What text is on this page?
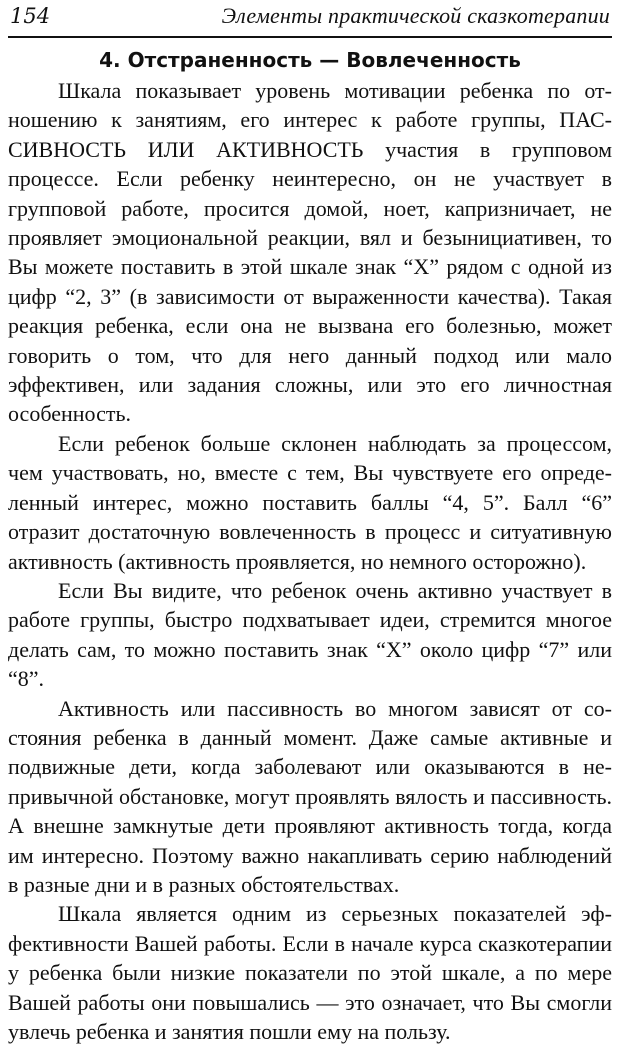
154	Элементы практической сказкотерапии
4. Отстраненность — Вовлеченность

Шкала показывает уровень мотивации ребенка по отношению к занятиям, его интерес к работе группы, ПАССИВНОСТЬ ИЛИ АКТИВНОСТЬ участия в групповом процессе. Если ребенку неинтересно, он не участвует в групповой работе, просится домой, ноет, капризничает, не проявляет эмоциональной реакции, вял и безынициативен, то Вы можете поставить в этой шкале знак “X” рядом с одной из цифр “2, 3” (в зависимости от выраженности качества). Такая реакция ребенка, если она не вызвана его болезнью, может говорить о том, что для него данный подход или мало эффективен, или задания сложны, или это его личностная особенность.

Если ребенок больше склонен наблюдать за процессом, чем участвовать, но, вместе с тем, Вы чувствуете его определенный интерес, можно поставить баллы “4, 5”. Балл “6” отразит достаточную вовлеченность в процесс и ситуативную активность (активность проявляется, но немного осторожно).

Если Вы видите, что ребенок очень активно участвует в работе группы, быстро подхватывает идеи, стремится многое делать сам, то можно поставить знак “X” около цифр “7” или “8”.

Активность или пассивность во многом зависят от состояния ребенка в данный момент. Даже самые активные и подвижные дети, когда заболевают или оказываются в непривычной обстановке, могут проявлять вялость и пассивность. А внешне замкнутые дети проявляют активность тогда, когда им интересно. Поэтому важно накапливать серию наблюдений в разные дни и в разных обстоятельствах.

Шкала является одним из серьезных показателей эффективности Вашей работы. Если в начале курса сказкотерапии у ребенка были низкие показатели по этой шкале, а по мере Вашей работы они повышались — это означает, что Вы смогли увлечь ребенка и занятия пошли ему на пользу.
